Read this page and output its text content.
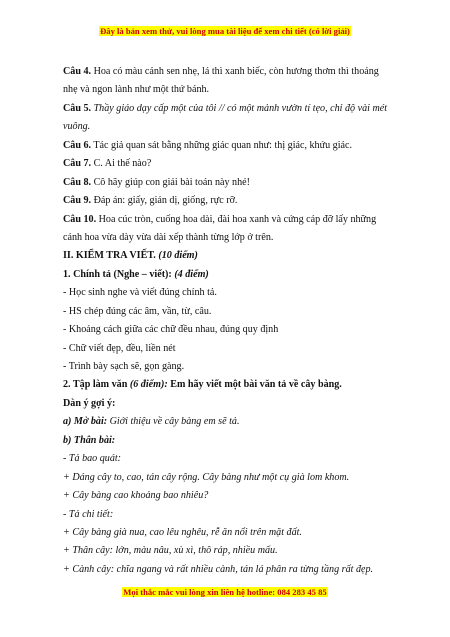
Đây là bản xem thử, vui lòng mua tài liệu để xem chi tiết (có lời giải)
Câu 4. Hoa có màu cánh sen nhẹ, lá thì xanh biếc, còn hương thơm thì thoảng
nhẹ và ngon lành như một thứ bánh.
Câu 5. Thầy giáo dạy cấp một của tôi // có một mảnh vườn tí tẹo, chỉ độ vài mét
vuông.
Câu 6. Tác giả quan sát bằng những giác quan như: thị giác, khứu giác.
Câu 7. C. Ai thế nào?
Câu 8. Cô hãy giúp con giải bài toán này nhé!
Câu 9. Đáp án: giấy, gián dị, giống, rực rỡ.
Câu 10. Hoa cúc tròn, cuống hoa dài, đài hoa xanh và cứng cáp đỡ lấy những
cánh hoa vừa dày vừa dài xếp thành từng lớp ở trên.
II. KIỂM TRA VIẾT. (10 điểm)
1. Chính tả (Nghe – viết): (4 điểm)
- Học sinh nghe và viết đúng chính tả.
- HS chép đúng các âm, vần, từ, câu.
- Khoảng cách giữa các chữ đều nhau, đúng quy định
- Chữ viết đẹp, đều, liền nét
- Trình bày sạch sẽ, gọn gàng.
2. Tập làm văn (6 điểm): Em hãy viết một bài văn tả về cây bàng.
Dàn ý gợi ý:
a) Mở bài: Giới thiệu về cây bàng em sẽ tả.
b) Thân bài:
- Tả bao quát:
+ Dáng cây to, cao, tán cây rộng. Cây bàng như một cụ già lom khom.
+ Cây bàng cao khoảng bao nhiêu?
- Tả chi tiết:
+ Cây bàng già nua, cao lêu nghêu, rễ ăn nổi trên mặt đất.
+ Thân cây: lớn, màu nâu, xù xì, thô ráp, nhiều mấu.
+ Cành cây: chĩa ngang và rất nhiều cành, tán lá phân ra từng tầng rất đẹp.
Mọi thắc mắc vui lòng xin liên hệ hotline: 084 283 45 85
